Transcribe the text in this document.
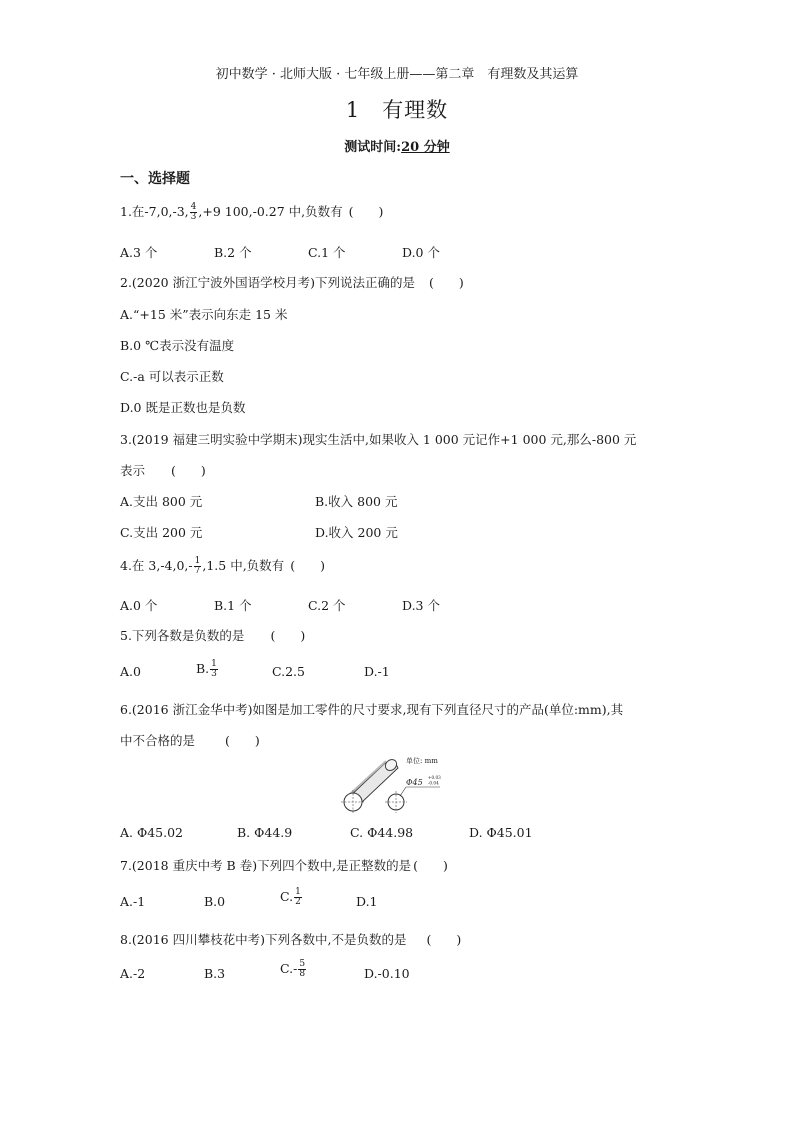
初中数学 · 北师大版 · 七年级上册——第二章　有理数及其运算
1 有理数
测试时间:20 分钟
一、选择题
1.在-7,0,-3, $\frac{4}{3} ,+9$ 100,-0.27 中,负数有 (　　)
A.3 个	B.2 个	C.1 个	D.0 个
2.(2020 浙江宁波外国语学校月考)下列说法正确的是 (　　)
A.“+15 米”表示向东走 15 米
B.0 ℃表示没有温度
C.-a 可以表示正数
D.0 既是正数也是负数
3.(2019 福建三明实验中学期末)现实生活中,如果收入 1 000 元记作+1 000 元,那么-800 元
表示 (　　)
A.支出 800 元	B.收入 800 元
C.支出 200 元	D.收入 200 元
4.在 $3,-4,0,- \frac{1}{7} ,1.5$ 中,负数有 (　　)
A.0 个	B.1 个	C.2 个	D.3 个
5.下列各数是负数的是 (　　)
A.0	B. $\frac{1}{3}$	C.2.5	D.-1
6.(2016 浙江金华中考)如图是加工零件的尺寸要求,现有下列直径尺寸的产品(单位:mm),其
中不合格的是 (　　)
单位: mm
Φ45
+0.03
-0.04
A. Φ45.02	B. Φ44.9	C. Φ44.98	D. Φ45.01
7.(2018 重庆中考 B 卷)下列四个数中,是正整数的是 (　　)
A.-1	B.0	C. $\frac{1}{2}$	D.1
8.(2016 四川攀枝花中考)下列各数中,不是负数的是 (　　)
A.-2	B.3	$C.- \frac{5}{8}$	D.-0.10
